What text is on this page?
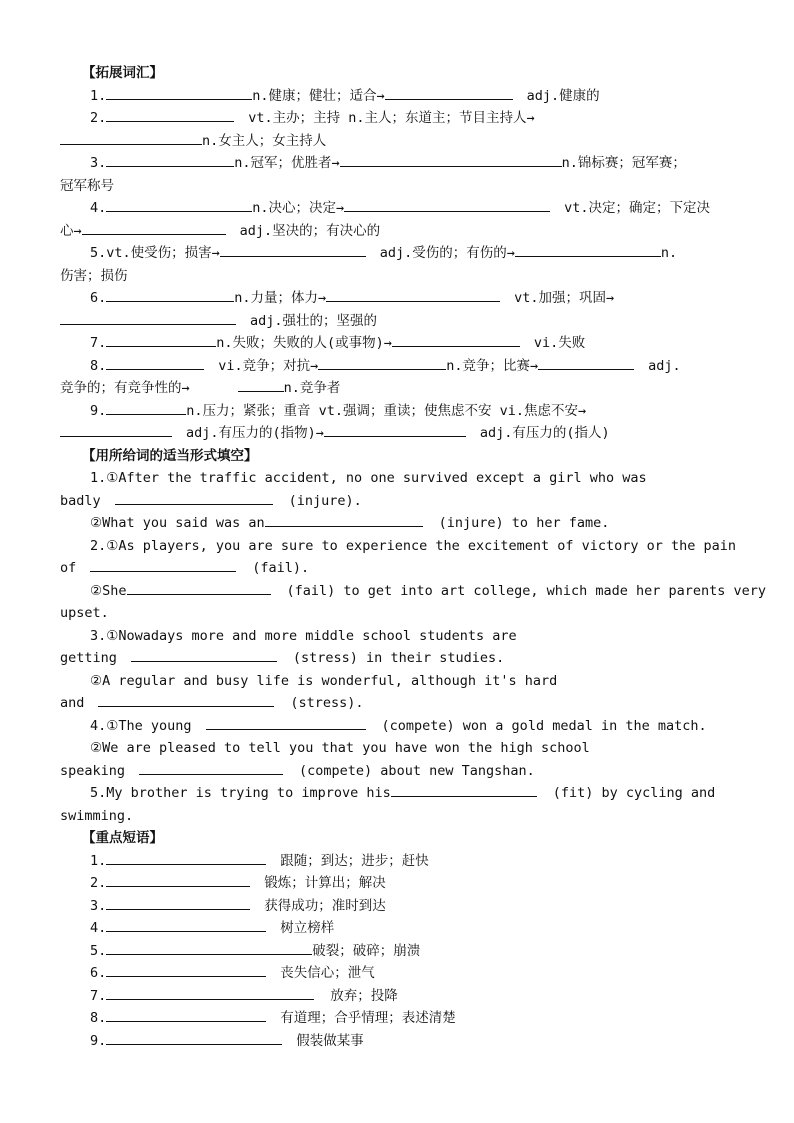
【拓展词汇】
1.	n.健康；健壮；适合→	adj.健康的
2.	vt.主办；主持 n.主人；东道主；节目主持人→
n.女主人；女主持人
3.	n.冠军；优胜者→	n.锦标赛；冠军赛；
冠军称号
4.	n.决心；决定→	vt.决定；确定；下定决
心→	adj.坚决的；有决心的
5.vt.使受伤；损害→	adj.受伤的；有伤的→	n.
伤害；损伤
6.	n.力量；体力→	vt.加强；巩固→
adj.强壮的；坚强的
7.	n.失败；失败的人(或事物)→	vi.失败
8.	vi.竞争；对抗→	n.竞争；比赛→	adj.
竞争的；有竞争性的→	n.竞争者
9.	n.压力；紧张；重音 vt.强调；重读；使焦虑不安 vi.焦虑不安→
adj.有压力的(指物)→	adj.有压力的(指人)
【用所给词的适当形式填空】
1.①After the traffic accident, no one survived except a girl who was
badly	(injure).
②What you said was an	(injure) to her fame.
2.①As players, you are sure to experience the excitement of victory or the pain
of	(fail).
②She	(fail) to get into art college, which made her parents very
upset.
3.①Nowadays more and more middle school students are
getting	(stress) in their studies.
②A regular and busy life is wonderful, although it's hard
and	(stress).
4.①The young	(compete) won a gold medal in the match.
②We are pleased to tell you that you have won the high school
speaking	(compete) about new Tangshan.
5.My brother is trying to improve his	(fit) by cycling and
swimming.
【重点短语】
1.	跟随；到达；进步；赶快
2.	锻炼；计算出；解决
3.	获得成功；准时到达
4.	树立榜样
5.	破裂；破碎；崩溃
6.	丧失信心；泄气
7.	放弃；投降
8.	有道理；合乎情理；表述清楚
9.	假装做某事
